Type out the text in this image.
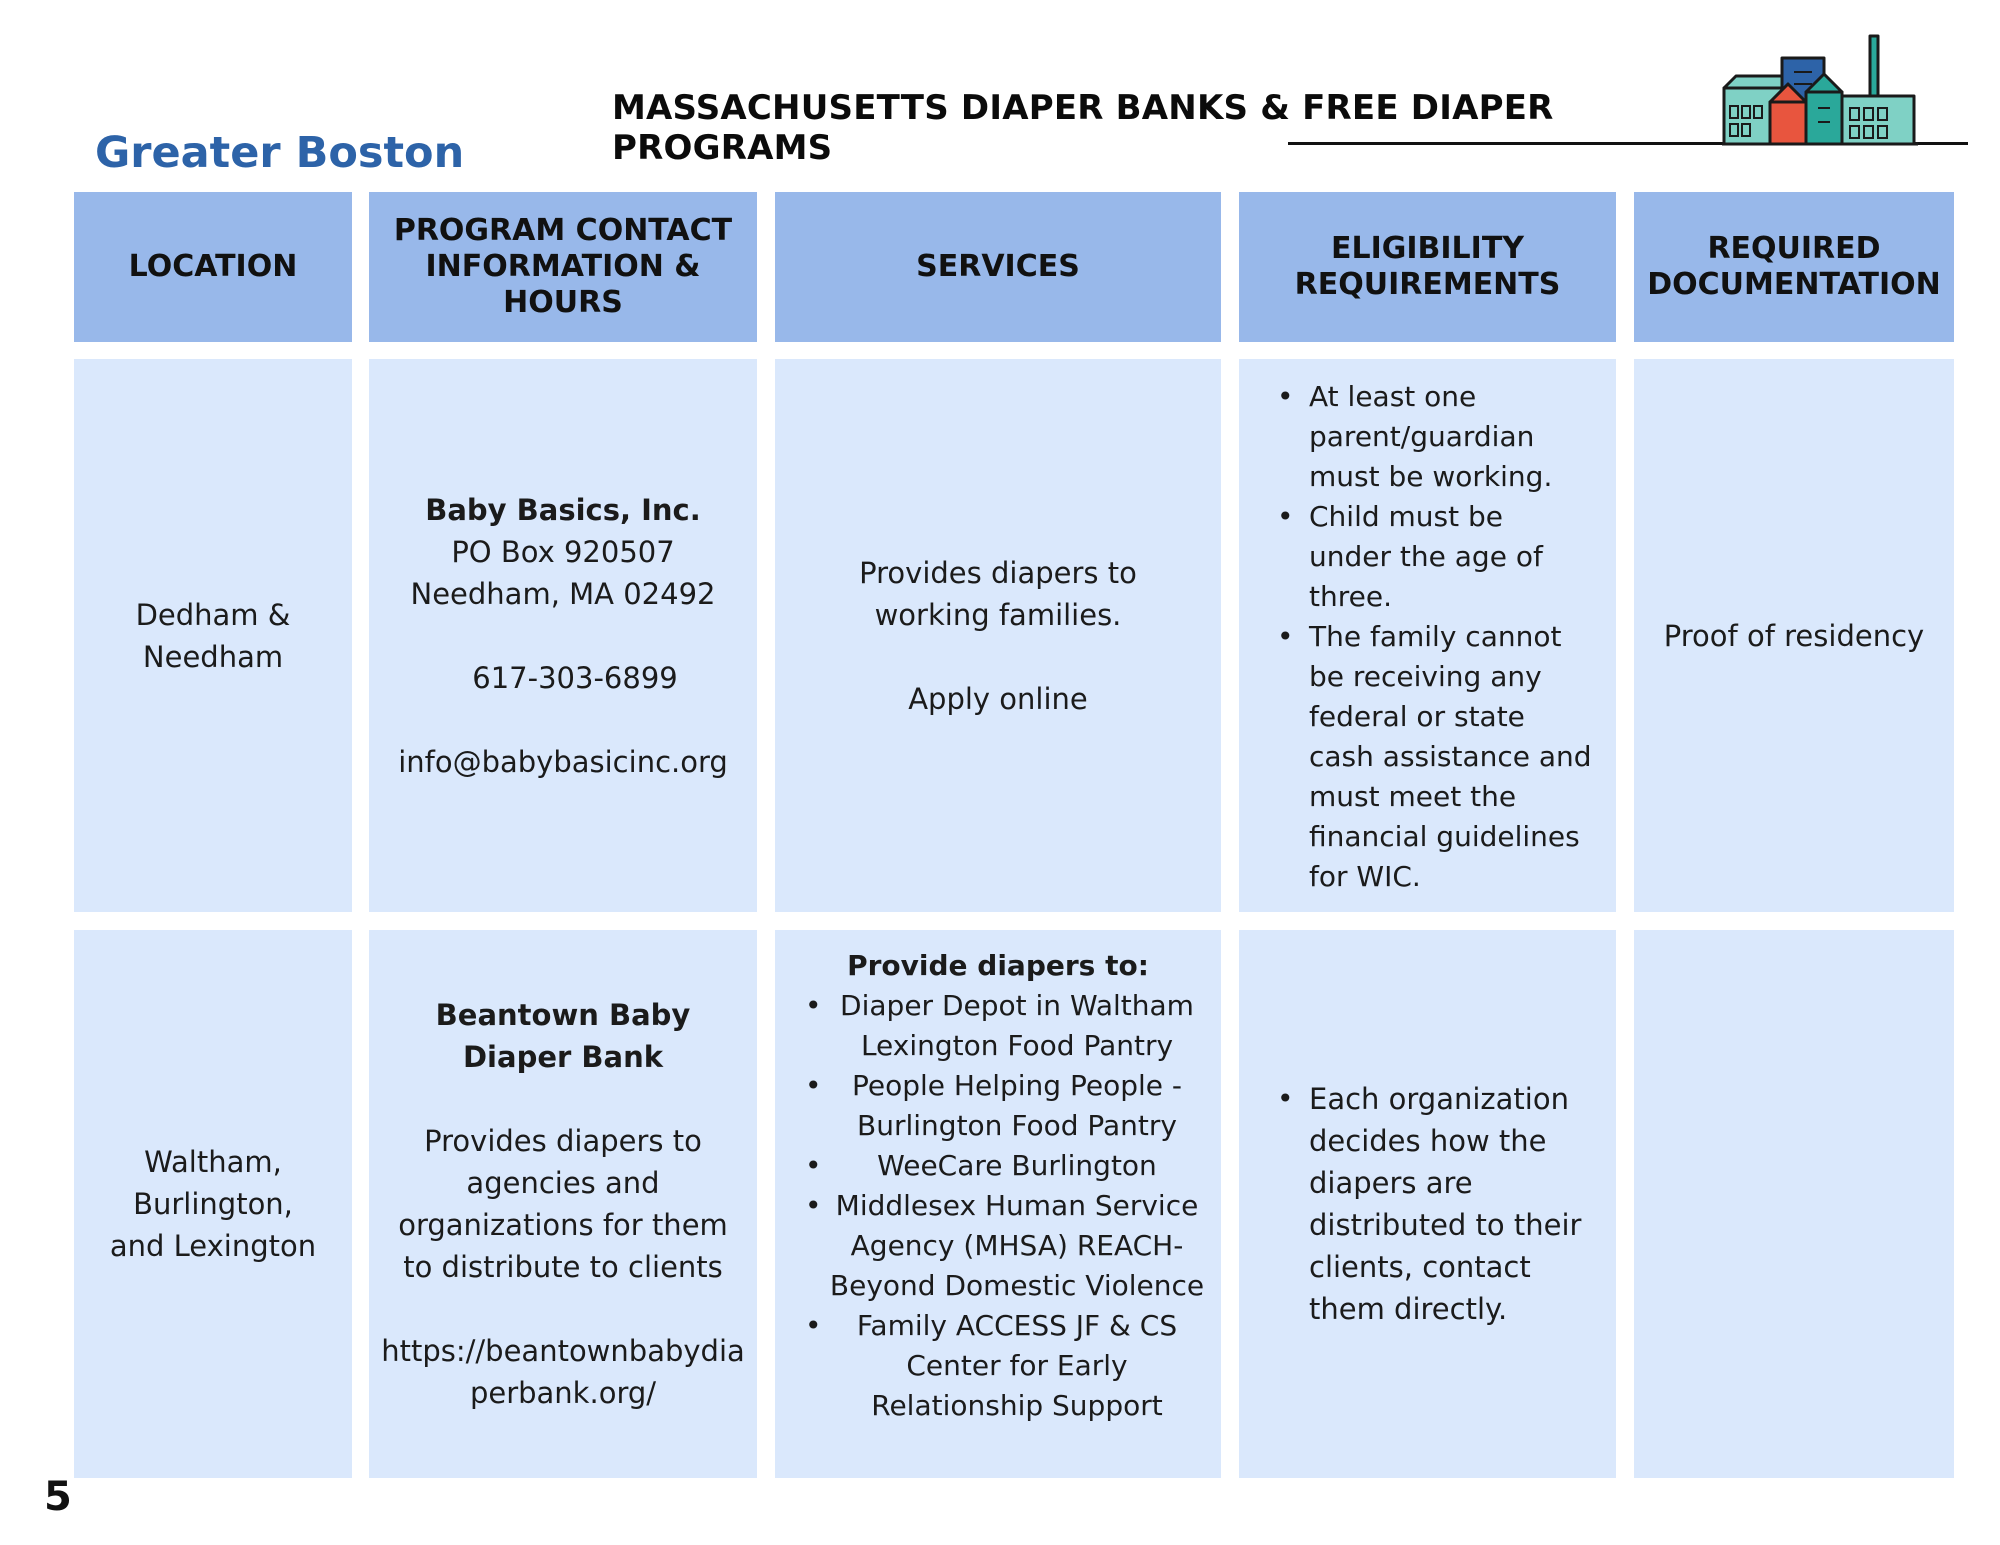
MASSACHUSETTS DIAPER BANKS & FREE DIAPER PROGRAMS
Greater Boston
LOCATION
PROGRAM CONTACT INFORMATION & HOURS
SERVICES
ELIGIBILITY REQUIREMENTS
REQUIRED DOCUMENTATION
Dedham & Needham
Baby Basics, Inc.
PO Box 920507
Needham, MA 02492
617-303-6899
info@babybasicinc.org
Provides diapers to working families.
Apply online
• At least one parent/guardian must be working.
• Child must be under the age of three.
• The family cannot be receiving any federal or state cash assistance and must meet the financial guidelines for WIC.
Proof of residency
Waltham, Burlington, and Lexington
Beantown Baby Diaper Bank
Provides diapers to agencies and organizations for them to distribute to clients
https://beantownbabydiaperbank.org/
Provide diapers to:
• Diaper Depot in Waltham Lexington Food Pantry
• People Helping People - Burlington Food Pantry
• WeeCare Burlington
• Middlesex Human Service Agency (MHSA) REACH- Beyond Domestic Violence
• Family ACCESS JF & CS Center for Early Relationship Support
• Each organization decides how the diapers are distributed to their clients, contact them directly.
5
